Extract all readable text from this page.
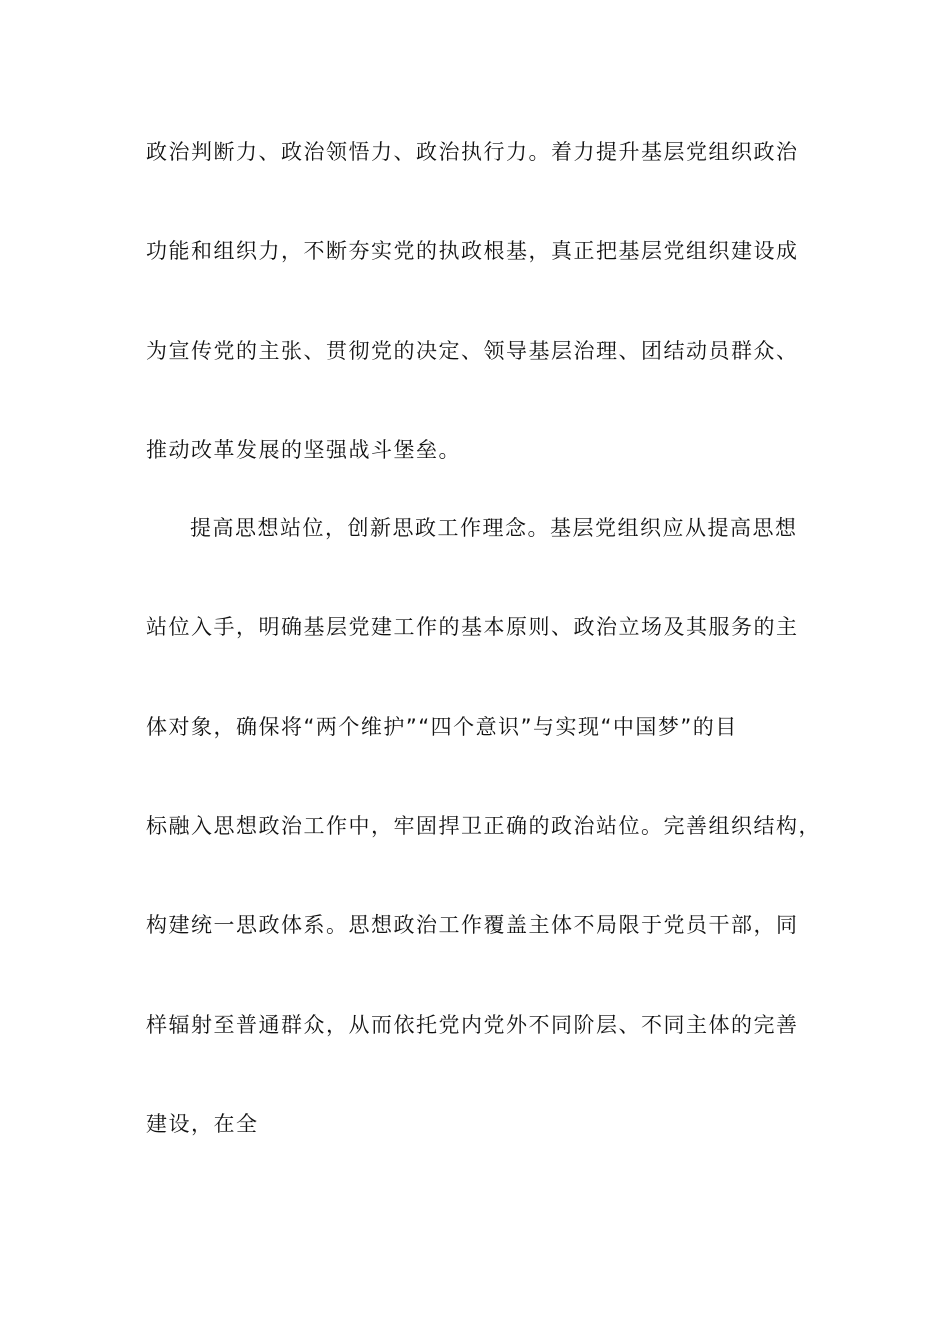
政治判断力、政治领悟力、政治执行力。着力提升基层党组织政治
功能和组织力，不断夯实党的执政根基，真正把基层党组织建设成
为宣传党的主张、贯彻党的决定、领导基层治理、团结动员群众、
推动改革发展的坚强战斗堡垒。
提高思想站位，创新思政工作理念。基层党组织应从提高思想
站位入手，明确基层党建工作的基本原则、政治立场及其服务的主
体对象，确保将“两个维护”“四个意识”与实现“中国梦”的目
标融入思想政治工作中，牢固捍卫正确的政治站位。完善组织结构，
构建统一思政体系。思想政治工作覆盖主体不局限于党员干部，同
样辐射至普通群众，从而依托党内党外不同阶层、不同主体的完善
建设，在全
